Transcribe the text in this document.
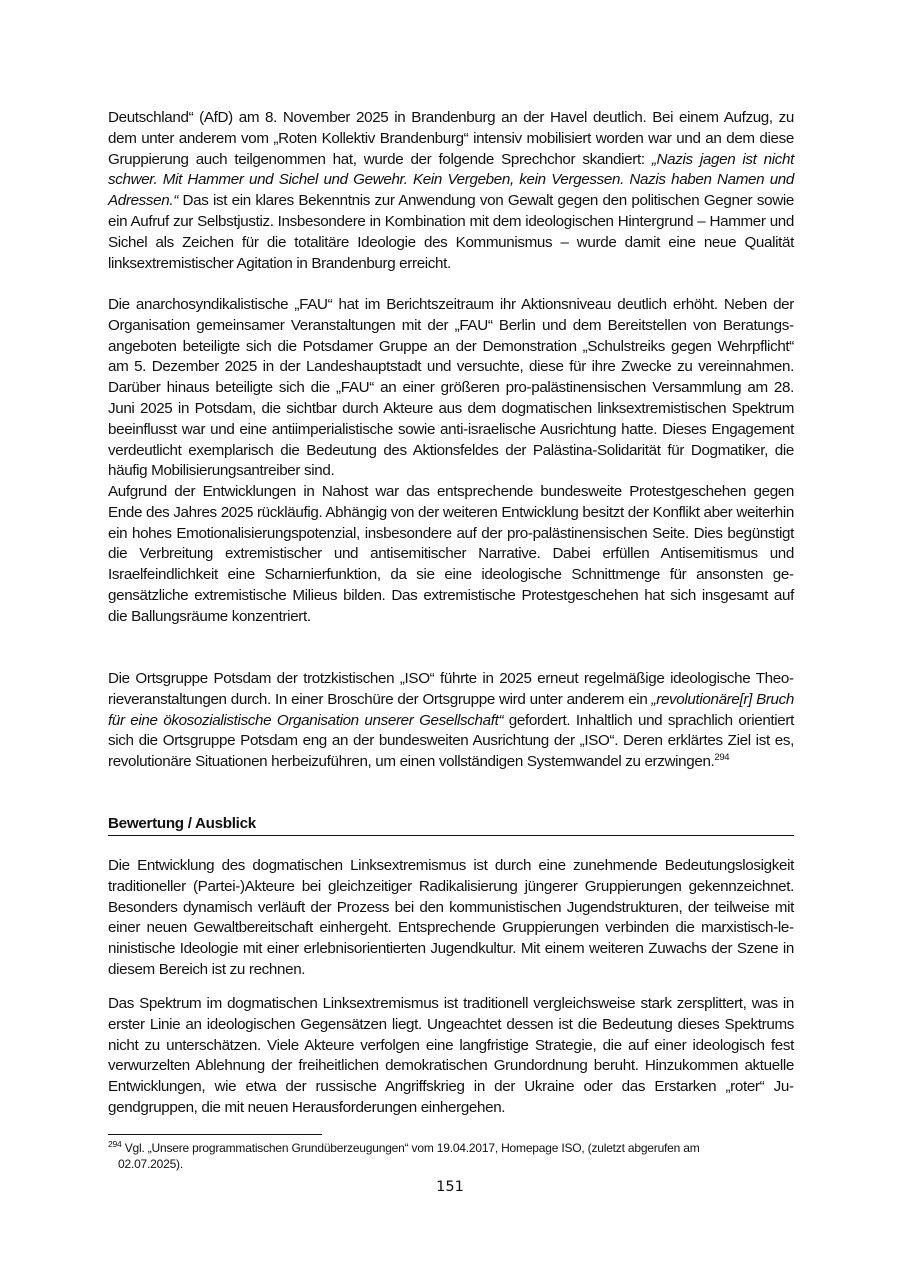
Deutschland“ (AfD) am 8. November 2025 in Brandenburg an der Havel deutlich. Bei einem Aufzug, zu dem unter anderem vom „Roten Kollektiv Brandenburg“ intensiv mobilisiert worden war und an dem diese Gruppierung auch teilgenommen hat, wurde der folgende Sprechchor skandiert: „Nazis jagen ist nicht schwer. Mit Hammer und Sichel und Gewehr. Kein Vergeben, kein Vergessen. Nazis haben Namen und Adressen.“ Das ist ein klares Bekenntnis zur Anwendung von Gewalt gegen den politischen Gegner sowie ein Aufruf zur Selbstjustiz. Insbesondere in Kombination mit dem ideologischen Hintergrund – Hammer und Sichel als Zeichen für die totalitäre Ideologie des Kommunismus – wurde damit eine neue Qualität linksextremistischer Agitation in Brandenburg erreicht.

Die anarchosyndikalistische „FAU“ hat im Berichtszeitraum ihr Aktionsniveau deutlich erhöht. Neben der Organisation gemeinsamer Veranstaltungen mit der „FAU“ Berlin und dem Bereitstellen von Beratungsangeboten beteiligte sich die Potsdamer Gruppe an der Demonstration „Schulstreiks gegen Wehrpflicht“ am 5. Dezember 2025 in der Landeshauptstadt und versuchte, diese für ihre Zwecke zu vereinnahmen. Darüber hinaus beteiligte sich die „FAU“ an einer größeren pro-palästinensischen Versammlung am 28. Juni 2025 in Potsdam, die sichtbar durch Akteure aus dem dogmatischen linksextremistischen Spektrum beeinflusst war und eine antiimperialistische sowie anti-israelische Ausrichtung hatte. Dieses Engagement verdeutlicht exemplarisch die Bedeutung des Aktionsfeldes der Palästina-Solidarität für Dogmatiker, die häufig Mobilisierungsantreiber sind.

Aufgrund der Entwicklungen in Nahost war das entsprechende bundesweite Protestgeschehen gegen Ende des Jahres 2025 rückläufig. Abhängig von der weiteren Entwicklung besitzt der Konflikt aber weiterhin ein hohes Emotionalisierungspotenzial, insbesondere auf der pro-palästinensischen Seite. Dies begünstigt die Verbreitung extremistischer und antisemitischer Narrative. Dabei erfüllen Antisemitismus und Israelfeindlichkeit eine Scharnierfunktion, da sie eine ideologische Schnittmenge für ansonsten gegensätzliche extremistische Milieus bilden. Das extremistische Protestgeschehen hat sich insgesamt auf die Ballungsräume konzentriert.

Die Ortsgruppe Potsdam der trotzkistischen „ISO“ führte in 2025 erneut regelmäßige ideologische Theorieveranstaltungen durch. In einer Broschüre der Ortsgruppe wird unter anderem ein „revolutionäre[r] Bruch für eine ökosozialistische Organisation unserer Gesellschaft“ gefordert. Inhaltlich und sprachlich orientiert sich die Ortsgruppe Potsdam eng an der bundesweiten Ausrichtung der „ISO“. Deren erklärtes Ziel ist es, revolutionäre Situationen herbeizuführen, um einen vollständigen Systemwandel zu erzwingen.$^{294}$

Bewertung / Ausblick

Die Entwicklung des dogmatischen Linksextremismus ist durch eine zunehmende Bedeutungslosigkeit traditioneller (Partei-)Akteure bei gleichzeitiger Radikalisierung jüngerer Gruppierungen gekennzeichnet. Besonders dynamisch verläuft der Prozess bei den kommunistischen Jugendstrukturen, der teilweise mit einer neuen Gewaltbereitschaft einhergeht. Entsprechende Gruppierungen verbinden die marxistisch-leninistische Ideologie mit einer erlebnisorientierten Jugendkultur. Mit einem weiteren Zuwachs der Szene in diesem Bereich ist zu rechnen.

Das Spektrum im dogmatischen Linksextremismus ist traditionell vergleichsweise stark zersplittert, was in erster Linie an ideologischen Gegensätzen liegt. Ungeachtet dessen ist die Bedeutung dieses Spektrums nicht zu unterschätzen. Viele Akteure verfolgen eine langfristige Strategie, die auf einer ideologisch fest verwurzelten Ablehnung der freiheitlichen demokratischen Grundordnung beruht. Hinzukommen aktuelle Entwicklungen, wie etwa der russische Angriffskrieg in der Ukraine oder das Erstarken „roter“ Jugendgruppen, die mit neuen Herausforderungen einhergehen.

$^{294}$ Vgl. „Unsere programmatischen Grundüberzeugungen“ vom 19.04.2017, Homepage ISO, (zuletzt abgerufen am
02.07.2025).

151
